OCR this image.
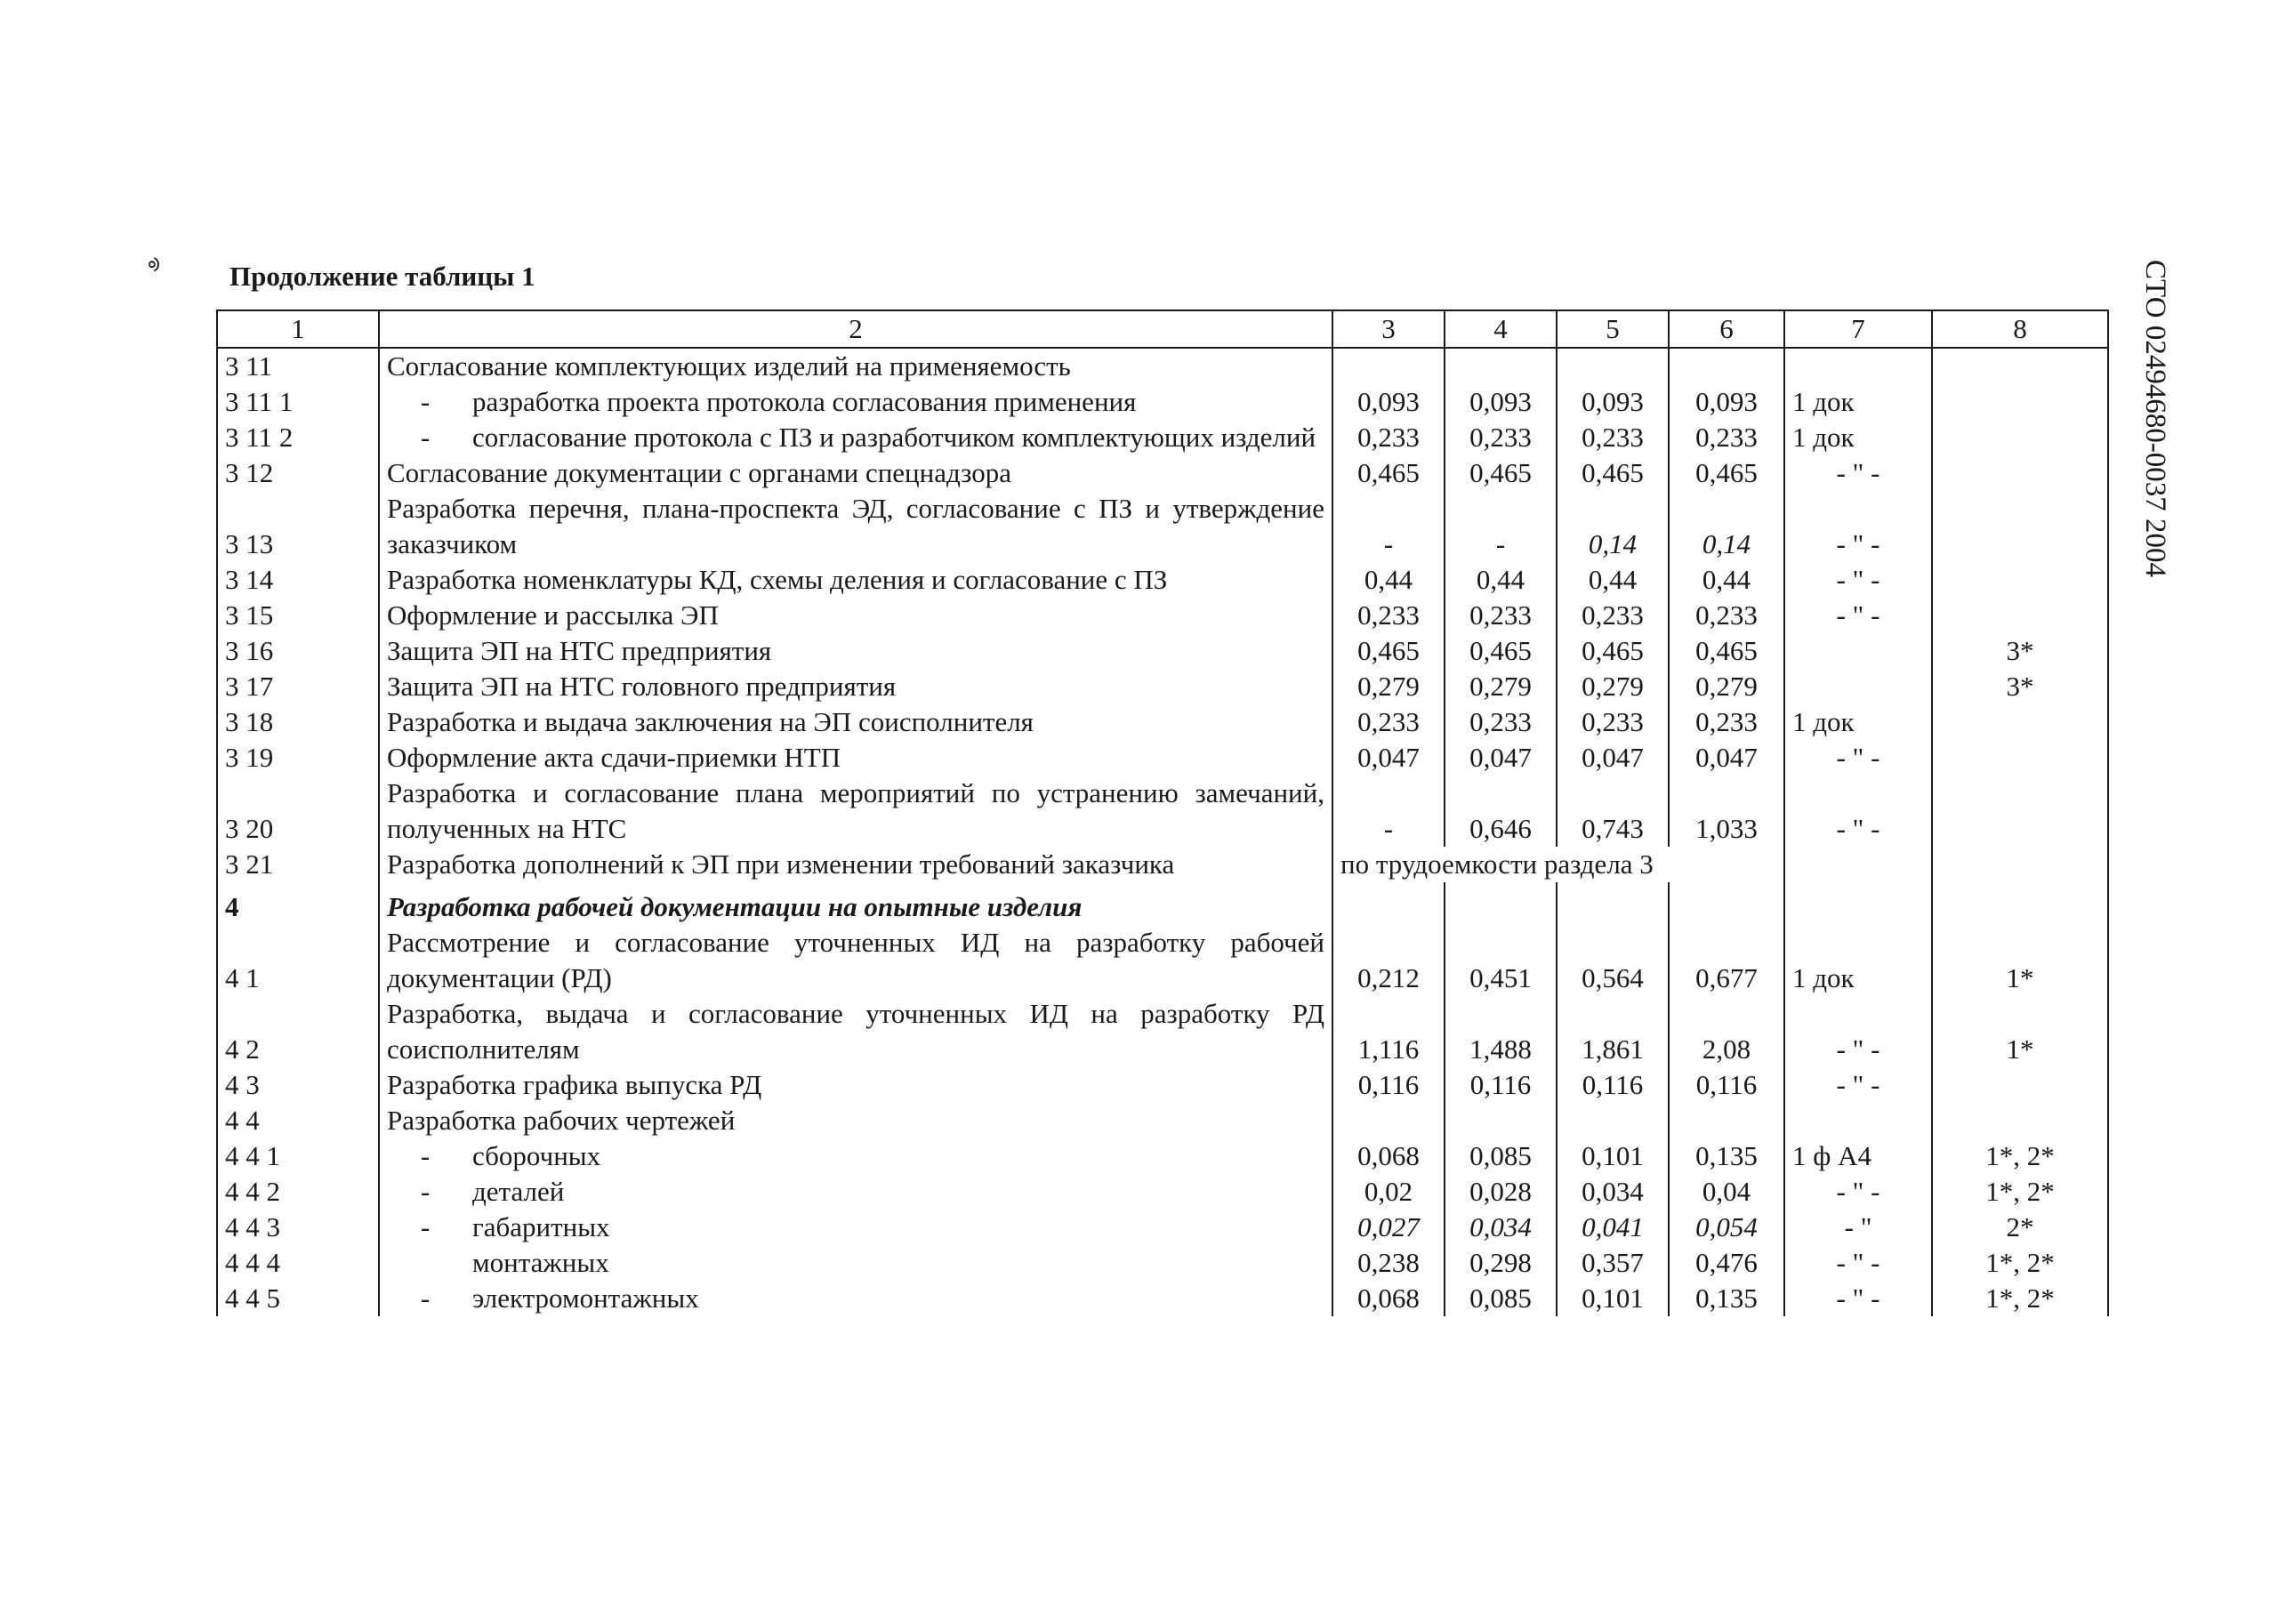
ᢀ	Продолжение таблицы 1	СТО 02494680-0037 2004
1	2	3	4	5	6	7	8
3 11	Согласование комплектующих изделий на применяемость						
3 11 1	- разработка проекта протокола согласования применения	0,093	0,093	0,093	0,093	1 док	
3 11 2	- согласование протокола с ПЗ и разработчиком комплектующих изделий	0,233	0,233	0,233	0,233	1 док	
3 12	Согласование документации с органами спецнадзора	0,465	0,465	0,465	0,465	- " -	
3 13	Разработка перечня, плана-проспекта ЭД, согласование с ПЗ и утверждение заказчиком	-	-	0,14	0,14	- " -	
3 14	Разработка номенклатуры КД, схемы деления и согласование с ПЗ	0,44	0,44	0,44	0,44	- " -	
3 15	Оформление и рассылка ЭП	0,233	0,233	0,233	0,233	- " -	
3 16	Защита ЭП на НТС предприятия	0,465	0,465	0,465	0,465		3*
3 17	Защита ЭП на НТС головного предприятия	0,279	0,279	0,279	0,279		3*
3 18	Разработка и выдача заключения на ЭП соисполнителя	0,233	0,233	0,233	0,233	1 док	
3 19	Оформление акта сдачи-приемки НТП	0,047	0,047	0,047	0,047	- " -	
3 20	Разработка и согласование плана мероприятий по устранению замечаний, полученных на НТС	-	0,646	0,743	1,033	- " -	
3 21	Разработка дополнений к ЭП при изменении требований заказчика	по трудоемкости раздела 3					
4	Разработка рабочей документации на опытные изделия						
4 1	Рассмотрение и согласование уточненных ИД на разработку рабочей документации (РД)	0,212	0,451	0,564	0,677	1 док	1*
4 2	Разработка, выдача и согласование уточненных ИД на разработку РД соисполнителям	1,116	1,488	1,861	2,08	- " -	1*
4 3	Разработка графика выпуска РД	0,116	0,116	0,116	0,116	- " -	
4 4	Разработка рабочих чертежей						
4 4 1	- сборочных	0,068	0,085	0,101	0,135	1 ф А4	1*, 2*
4 4 2	- деталей	0,02	0,028	0,034	0,04	- " -	1*, 2*
4 4 3	- габаритных	0,027	0,034	0,041	0,054	- "	2*
4 4 4	монтажных	0,238	0,298	0,357	0,476	- " -	1*, 2*
4 4 5	- электромонтажных	0,068	0,085	0,101	0,135	- " -	1*, 2*
